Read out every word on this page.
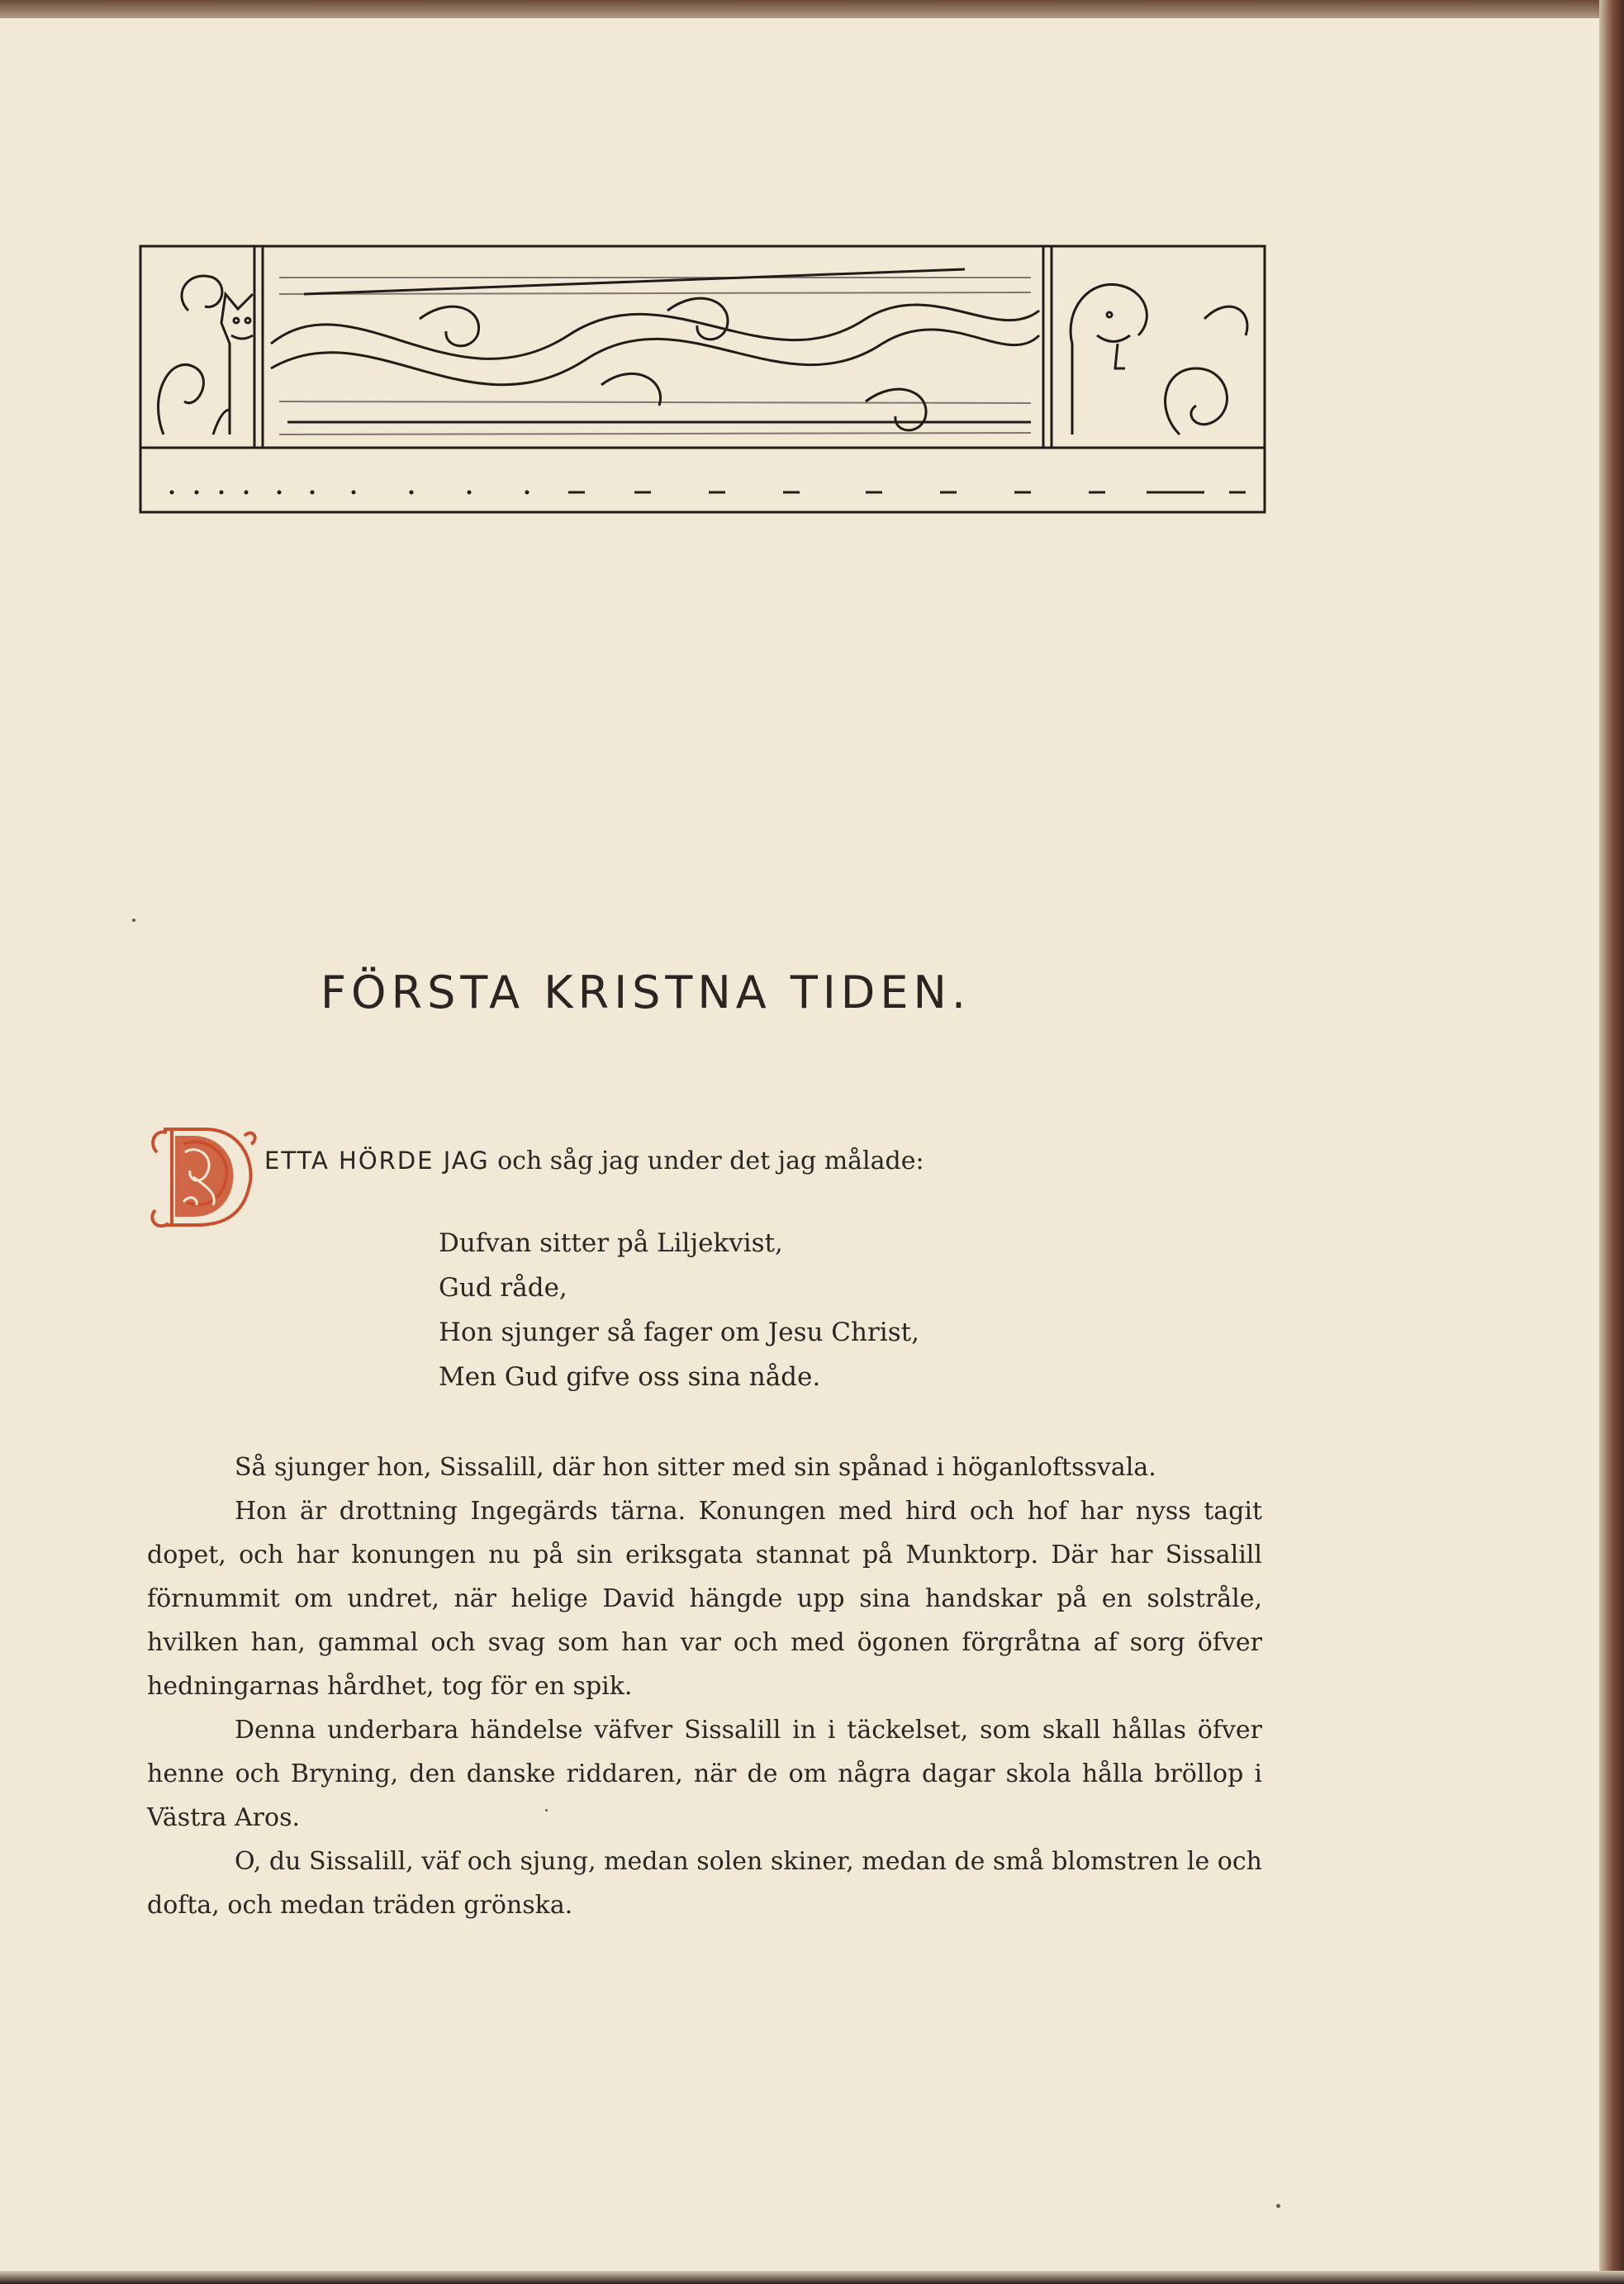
FÖRSTA KRISTNA TIDEN.
ETTA HÖRDE JAG och såg jag under det jag målade:
Dufvan sitter på Liljekvist,
Gud råde,
Hon sjunger så fager om Jesu Christ,
Men Gud gifve oss sina nåde.

Så sjunger hon, Sissalill, där hon sitter med sin spånad i höganloftssvala.

Hon är drottning Ingegärds tärna. Konungen med hird och hof har nyss tagit dopet, och har konungen nu på sin eriksgata stannat på Munktorp. Där har Sissalill förnummit om undret, när helige David hängde upp sina handskar på en solstråle, hvilken han, gammal och svag som han var och med ögonen förgråtna af sorg öfver hedningarnas hårdhet, tog för en spik.

Denna underbara händelse väfver Sissalill in i täckelset, som skall hållas öfver henne och Bryning, den danske riddaren, när de om några dagar skola hålla bröllop i Västra Aros.

O, du Sissalill, väf och sjung, medan solen skiner, medan de små blomstren le och dofta, och medan träden grönska.
